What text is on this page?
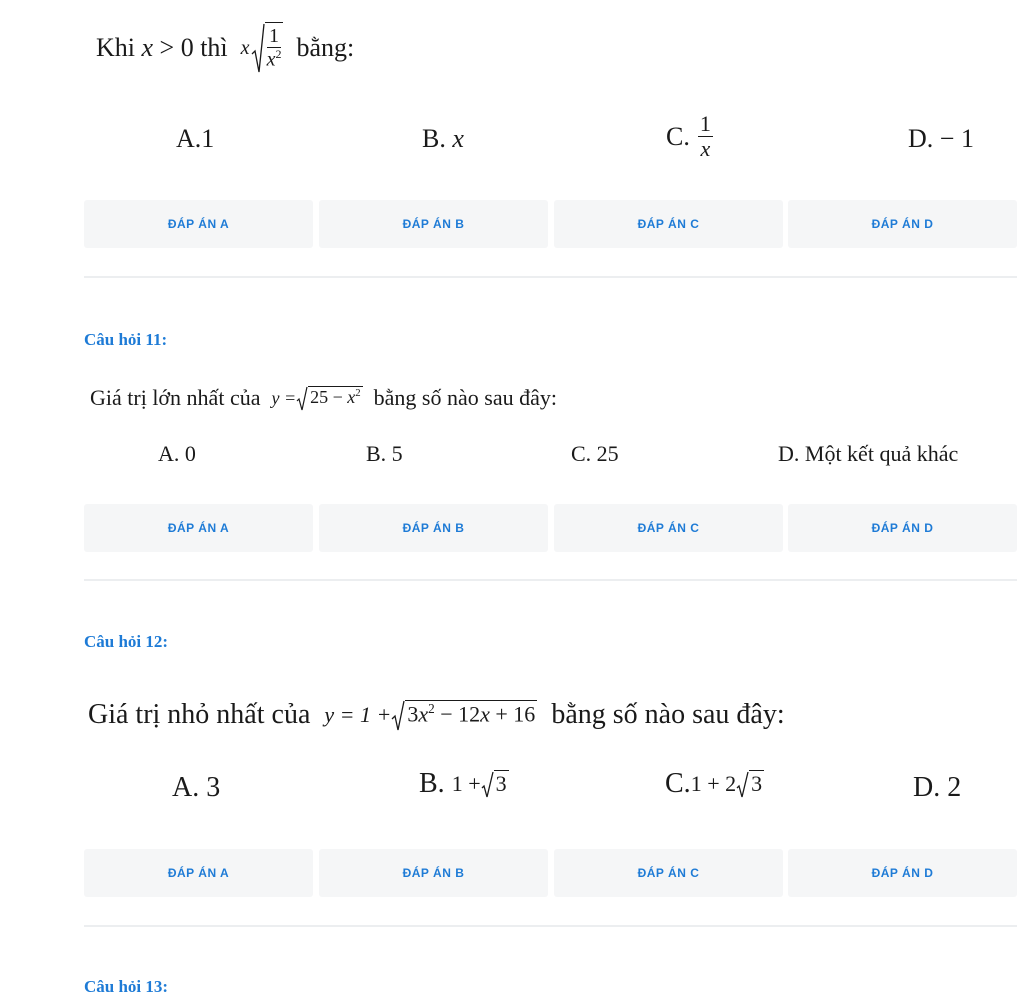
Khi
x
> 0 thì
x $\frac{1}{x^2}$
bằng:
A.1	B. x	C. $\frac{1}{x}$	D. − 1
ĐÁP ÁN A	ĐÁP ÁN B	ĐÁP ÁN C	ĐÁP ÁN D
Câu hỏi 11:
Giá trị lớn nhất của
$y = 25 - x^2$
bằng số nào sau đây:
A. 0	B. 5	C. 25	D. Một kết quả khác
ĐÁP ÁN A	ĐÁP ÁN B	ĐÁP ÁN C	ĐÁP ÁN D
Câu hỏi 12:
Giá trị nhỏ nhất của
$y = 1 + 3x^2 - 12x + 16$
bằng số nào sau đây:
A. 3	B.
1 + 3	C. 1 + 2 3	D. 2
ĐÁP ÁN A	ĐÁP ÁN B	ĐÁP ÁN C	ĐÁP ÁN D
Câu hỏi 13:
